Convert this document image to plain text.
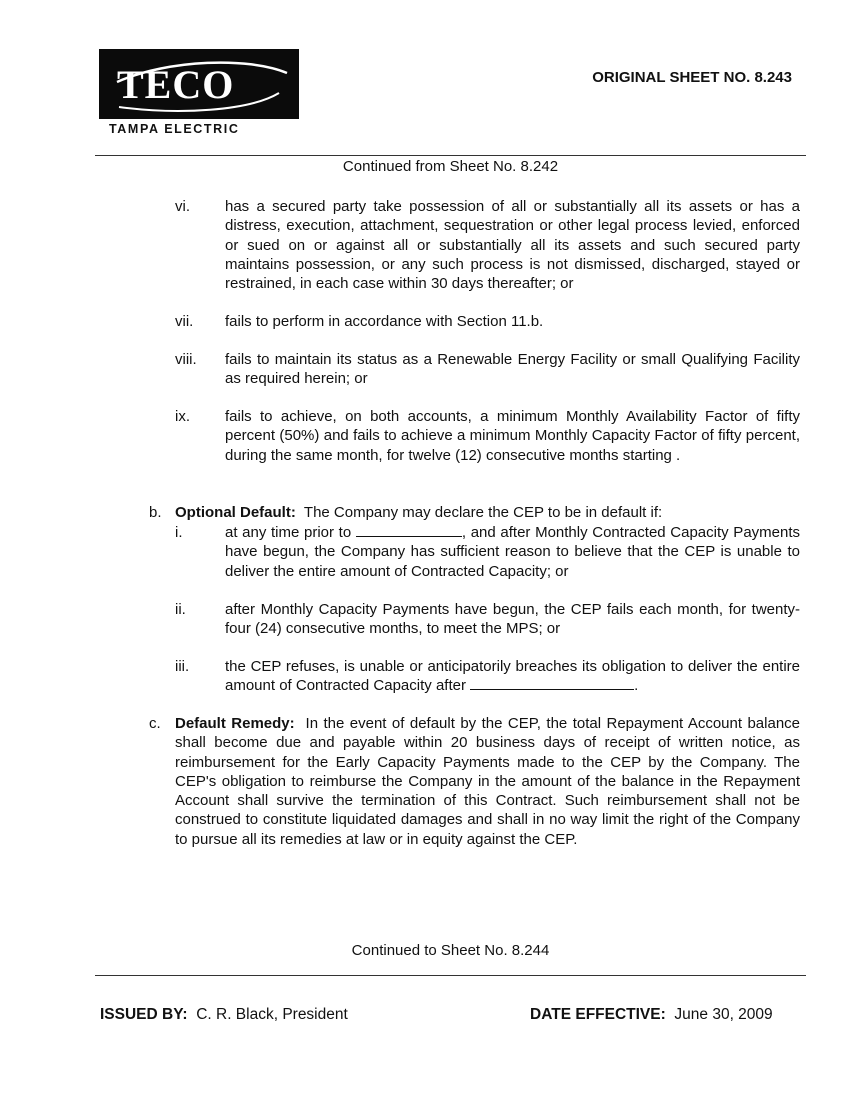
TECO
TAMPA ELECTRIC
ORIGINAL SHEET NO. 8.243
Continued from Sheet No. 8.242
vi. has a secured party take possession of all or substantially all its assets or has a distress, execution, attachment, sequestration or other legal process levied, enforced or sued on or against all or substantially all its assets and such secured party maintains possession, or any such process is not dismissed, discharged, stayed or restrained, in each case within 30 days thereafter; or
vii. fails to perform in accordance with Section 11.b.
viii. fails to maintain its status as a Renewable Energy Facility or small Qualifying Facility as required herein; or
ix. fails to achieve, on both accounts, a minimum Monthly Availability Factor of fifty percent (50%) and fails to achieve a minimum Monthly Capacity Factor of fifty percent, during the same month, for twelve (12) consecutive months starting .
b. Optional Default: The Company may declare the CEP to be in default if:
i.	at any time prior to	, and after Monthly Contracted Capacity Payments have begun, the Company has sufficient reason to believe that the CEP is unable to deliver the entire amount of Contracted Capacity; or
ii.	after Monthly Capacity Payments have begun, the CEP fails each month, for twenty-four (24) consecutive months, to meet the MPS; or
iii. the CEP refuses, is unable or anticipatorily breaches its obligation to deliver the entire amount of Contracted Capacity after	.
c. Default Remedy: In the event of default by the CEP, the total Repayment Account balance shall become due and payable within 20 business days of receipt of written notice, as reimbursement for the Early Capacity Payments made to the CEP by the Company. The CEP's obligation to reimburse the Company in the amount of the balance in the Repayment Account shall survive the termination of this Contract. Such reimbursement shall not be construed to constitute liquidated damages and shall in no way limit the right of the Company to pursue all its remedies at law or in equity against the CEP.
Continued to Sheet No. 8.244
ISSUED BY: C. R. Black, President	DATE EFFECTIVE: June 30, 2009
